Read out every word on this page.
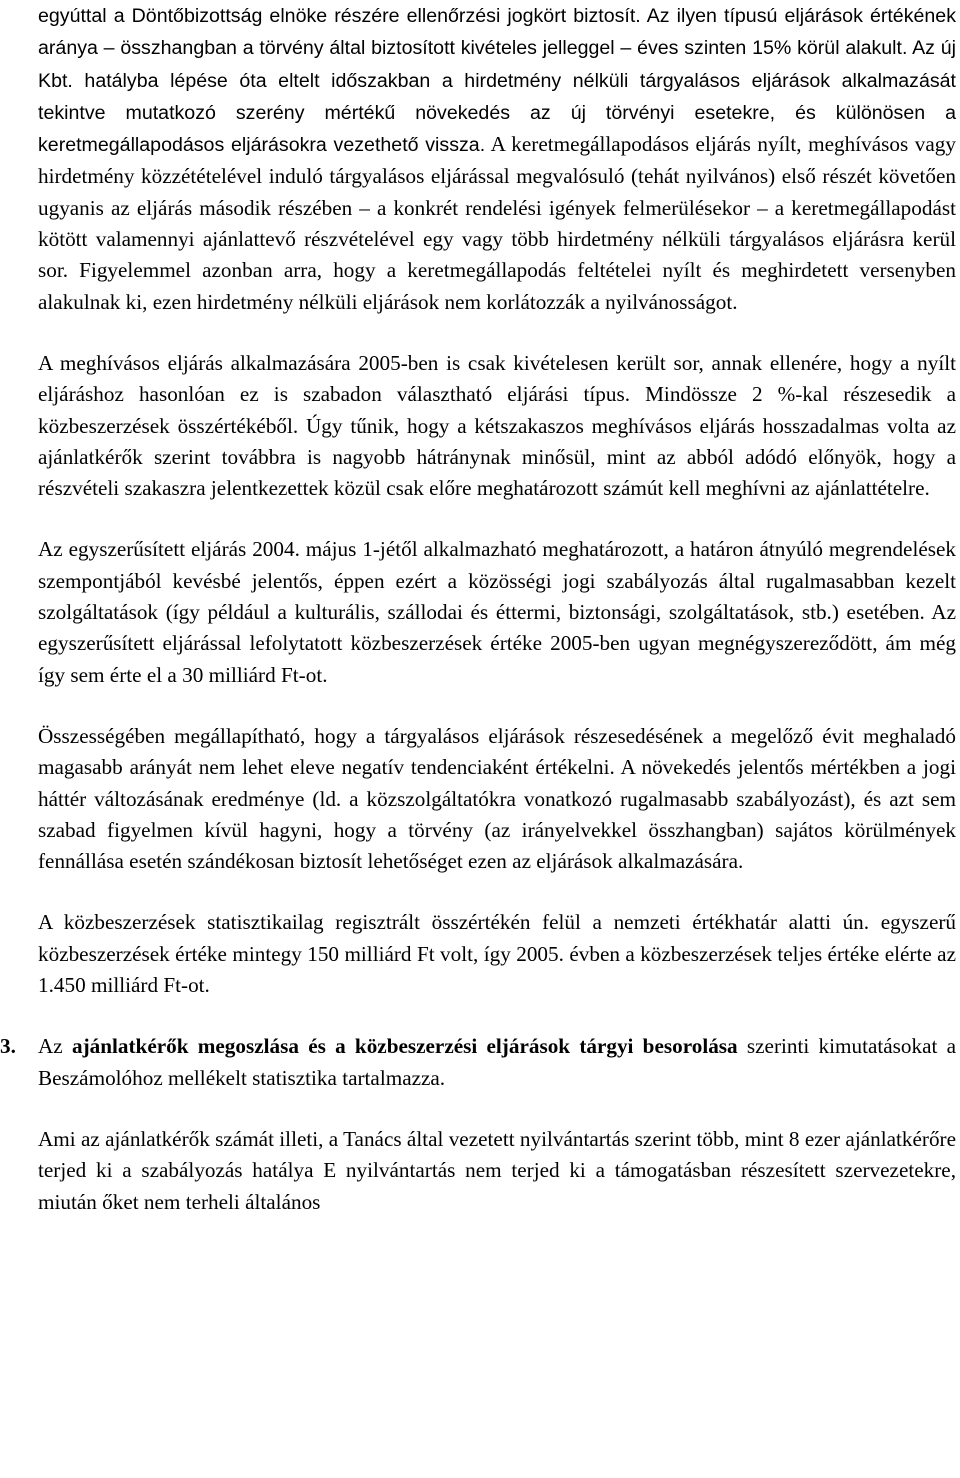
egyúttal a Döntőbizottság elnöke részére ellenőrzési jogkört biztosít. Az ilyen típusú eljárások értékének aránya – összhangban a törvény által biztosított kivételes jelleggel – éves szinten 15% körül alakult. Az új Kbt. hatályba lépése óta eltelt időszakban a hirdetmény nélküli tárgyalásos eljárások alkalmazását tekintve mutatkozó szerény mértékű növekedés az új törvényi esetekre, és különösen a keretmegállapodásos eljárásokra vezethető vissza. A keretmegállapodásos eljárás nyílt, meghívásos vagy hirdetmény közzétételével induló tárgyalásos eljárással megvalósuló (tehát nyilvános) első részét követően ugyanis az eljárás második részében – a konkrét rendelési igények felmerülésekor – a keretmegállapodást kötött valamennyi ajánlattevő részvételével egy vagy több hirdetmény nélküli tárgyalásos eljárásra kerül sor. Figyelemmel azonban arra, hogy a keretmegállapodás feltételei nyílt és meghirdetett versenyben alakulnak ki, ezen hirdetmény nélküli eljárások nem korlátozzák a nyilvánosságot.

A meghívásos eljárás alkalmazására 2005-ben is csak kivételesen került sor, annak ellenére, hogy a nyílt eljáráshoz hasonlóan ez is szabadon választható eljárási típus. Mindössze 2 %-kal részesedik a közbeszerzések összértékéből. Úgy tűnik, hogy a kétszakaszos meghívásos eljárás hosszadalmas volta az ajánlatkérők szerint továbbra is nagyobb hátránynak minősül, mint az abból adódó előnyök, hogy a részvételi szakaszra jelentkezettek közül csak előre meghatározott számút kell meghívni az ajánlattételre.

Az egyszerűsített eljárás 2004. május 1-jétől alkalmazható meghatározott, a határon átnyúló megrendelések szempontjából kevésbé jelentős, éppen ezért a közösségi jogi szabályozás által rugalmasabban kezelt szolgáltatások (így például a kulturális, szállodai és éttermi, biztonsági, szolgáltatások, stb.) esetében. Az egyszerűsített eljárással lefolytatott közbeszerzések értéke 2005-ben ugyan megnégyszereződött, ám még így sem érte el a 30 milliárd Ft-ot.

Összességében megállapítható, hogy a tárgyalásos eljárások részesedésének a megelőző évit meghaladó magasabb arányát nem lehet eleve negatív tendenciaként értékelni. A növekedés jelentős mértékben a jogi háttér változásának eredménye (ld. a közszolgáltatókra vonatkozó rugalmasabb szabályozást), és azt sem szabad figyelmen kívül hagyni, hogy a törvény (az irányelvekkel összhangban) sajátos körülmények fennállása esetén szándékosan biztosít lehetőséget ezen az eljárások alkalmazására.

A közbeszerzések statisztikailag regisztrált összértékén felül a nemzeti értékhatár alatti ún. egyszerű közbeszerzések értéke mintegy 150 milliárd Ft volt, így 2005. évben a közbeszerzések teljes értéke elérte az 1.450 milliárd Ft-ot.

3. Az ajánlatkérők megoszlása és a közbeszerzési eljárások tárgyi besorolása szerinti kimutatásokat a Beszámolóhoz mellékelt statisztika tartalmazza.

Ami az ajánlatkérők számát illeti, a Tanács által vezetett nyilvántartás szerint több, mint 8 ezer ajánlatkérőre terjed ki a szabályozás hatálya E nyilvántartás nem terjed ki a támogatásban részesített szervezetekre, miután őket nem terheli általános
